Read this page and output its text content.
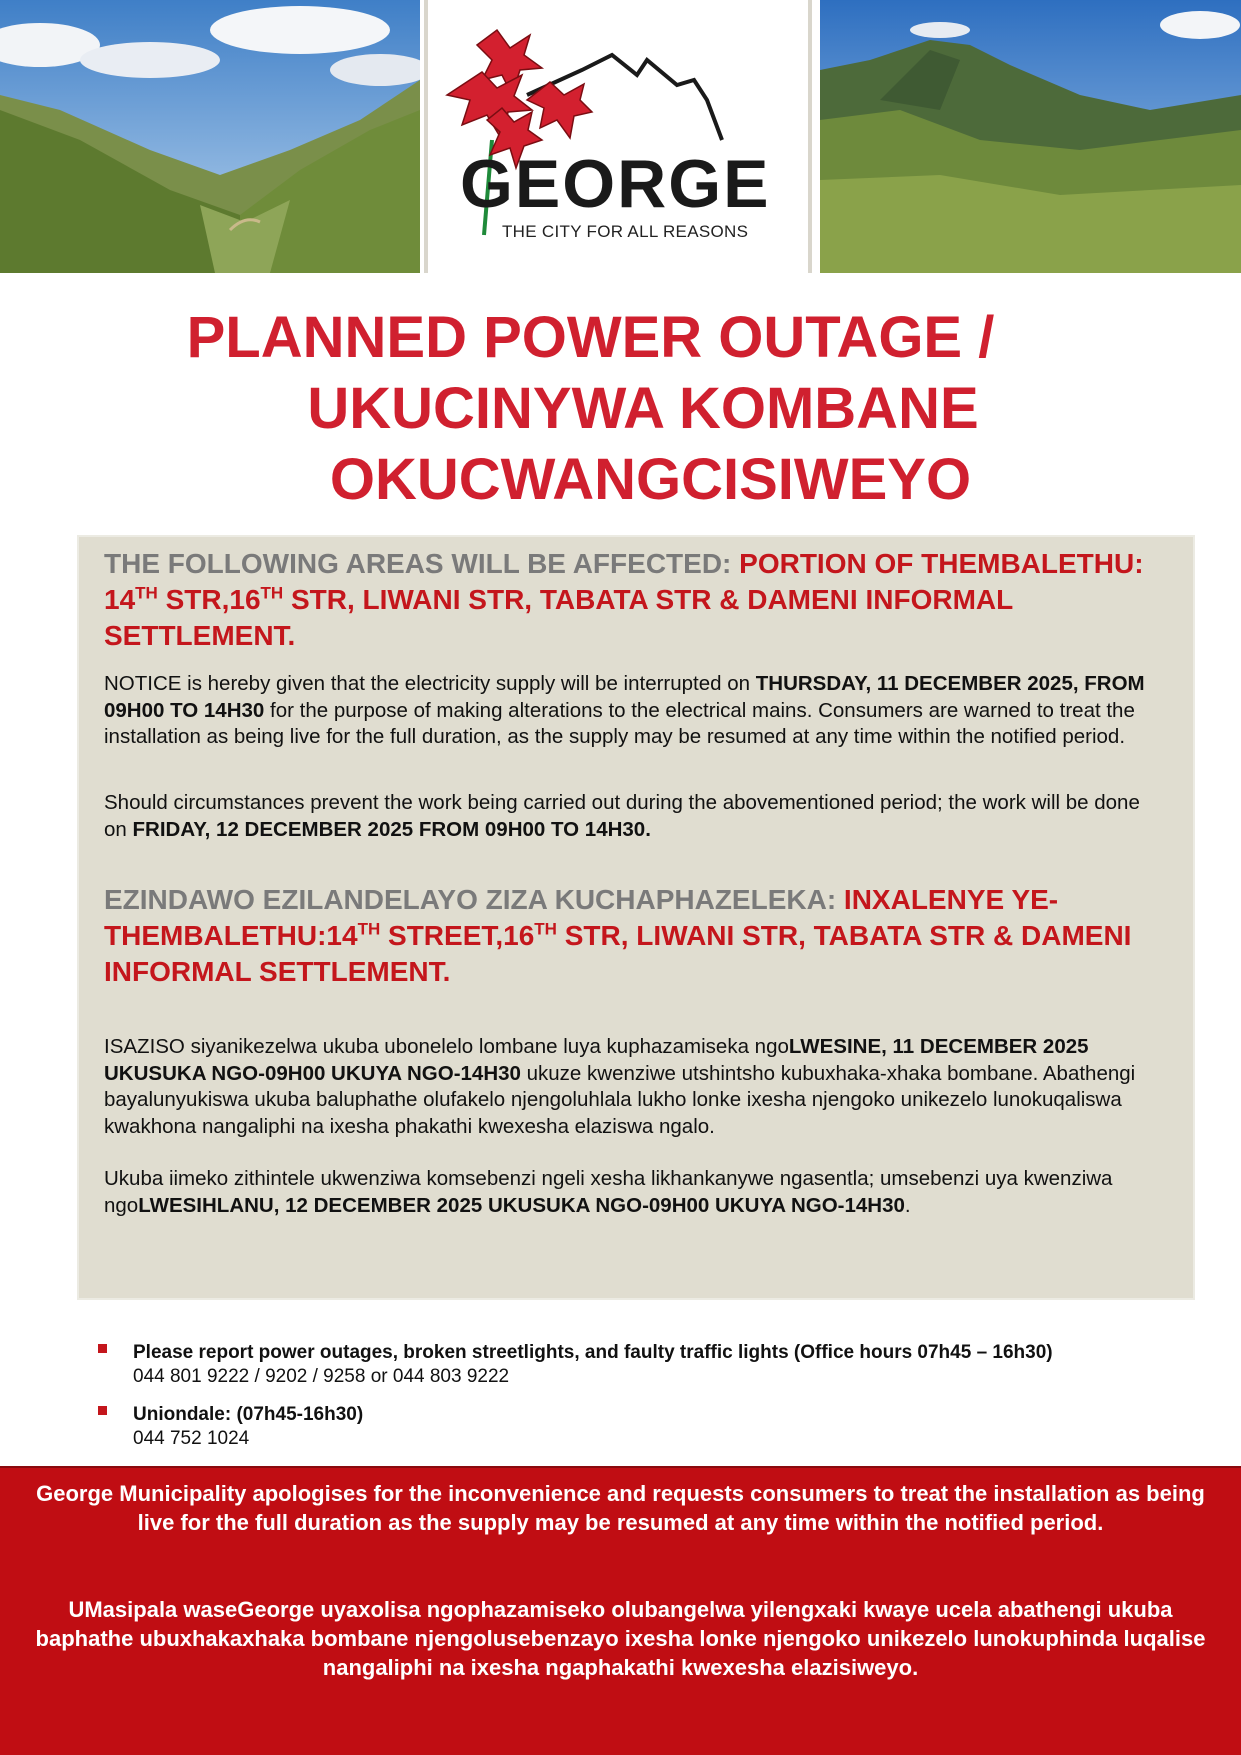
GEORGE
THE CITY FOR ALL REASONS
PLANNED POWER OUTAGE /
UKUCINYWA KOMBANE
OKUCWANGCISIWEYO
THE FOLLOWING AREAS WILL BE AFFECTED: PORTION OF THEMBALETHU: 14TH STR,16TH STR, LIWANI STR, TABATA STR & DAMENI INFORMAL SETTLEMENT.
NOTICE is hereby given that the electricity supply will be interrupted on THURSDAY, 11 DECEMBER 2025, FROM 09H00 TO 14H30 for the purpose of making alterations to the electrical mains. Consumers are warned to treat the installation as being live for the full duration, as the supply may be resumed at any time within the notified period.
Should circumstances prevent the work being carried out during the abovementioned period; the work will be done on FRIDAY, 12 DECEMBER 2025 FROM 09H00 TO 14H30.
EZINDAWO EZILANDELAYO ZIZA KUCHAPHAZELEKA: INXALENYE YE-THEMBALETHU:14TH STREET,16TH STR, LIWANI STR, TABATA STR & DAMENI INFORMAL SETTLEMENT.
ISAZISO siyanikezelwa ukuba ubonelelo lombane luya kuphazamiseka ngoLWESINE, 11 DECEMBER 2025 UKUSUKA NGO-09H00 UKUYA NGO-14H30 ukuze kwenziwe utshintsho kubuxhaka-xhaka bombane. Abathengi bayalunyukiswa ukuba baluphathe olufakelo njengoluhlala lukho lonke ixesha njengoko unikezelo lunokuqaliswa kwakhona nangaliphi na ixesha phakathi kwexesha elaziswa ngalo.
Ukuba iimeko zithintele ukwenziwa komsebenzi ngeli xesha likhankanywe ngasentla; umsebenzi uya kwenziwa ngoLWESIHLANU, 12 DECEMBER 2025 UKUSUKA NGO-09H00 UKUYA NGO-14H30.
Please report power outages, broken streetlights, and faulty traffic lights (Office hours 07h45 – 16h30)
044 801 9222 / 9202 / 9258 or 044 803 9222
Uniondale: (07h45-16h30)
044 752 1024

George Municipality apologises for the inconvenience and requests consumers to treat the installation as being live for the full duration as the supply may be resumed at any time within the notified period.

UMasipala waseGeorge uyaxolisa ngophazamiseko olubangelwa yilengxaki kwaye ucela abathengi ukuba baphathe ubuxhakaxhaka bombane njengolusebenzayo ixesha lonke njengoko unikezelo lunokuphinda luqalise nangaliphi na ixesha ngaphakathi kwexesha elazisiweyo.
